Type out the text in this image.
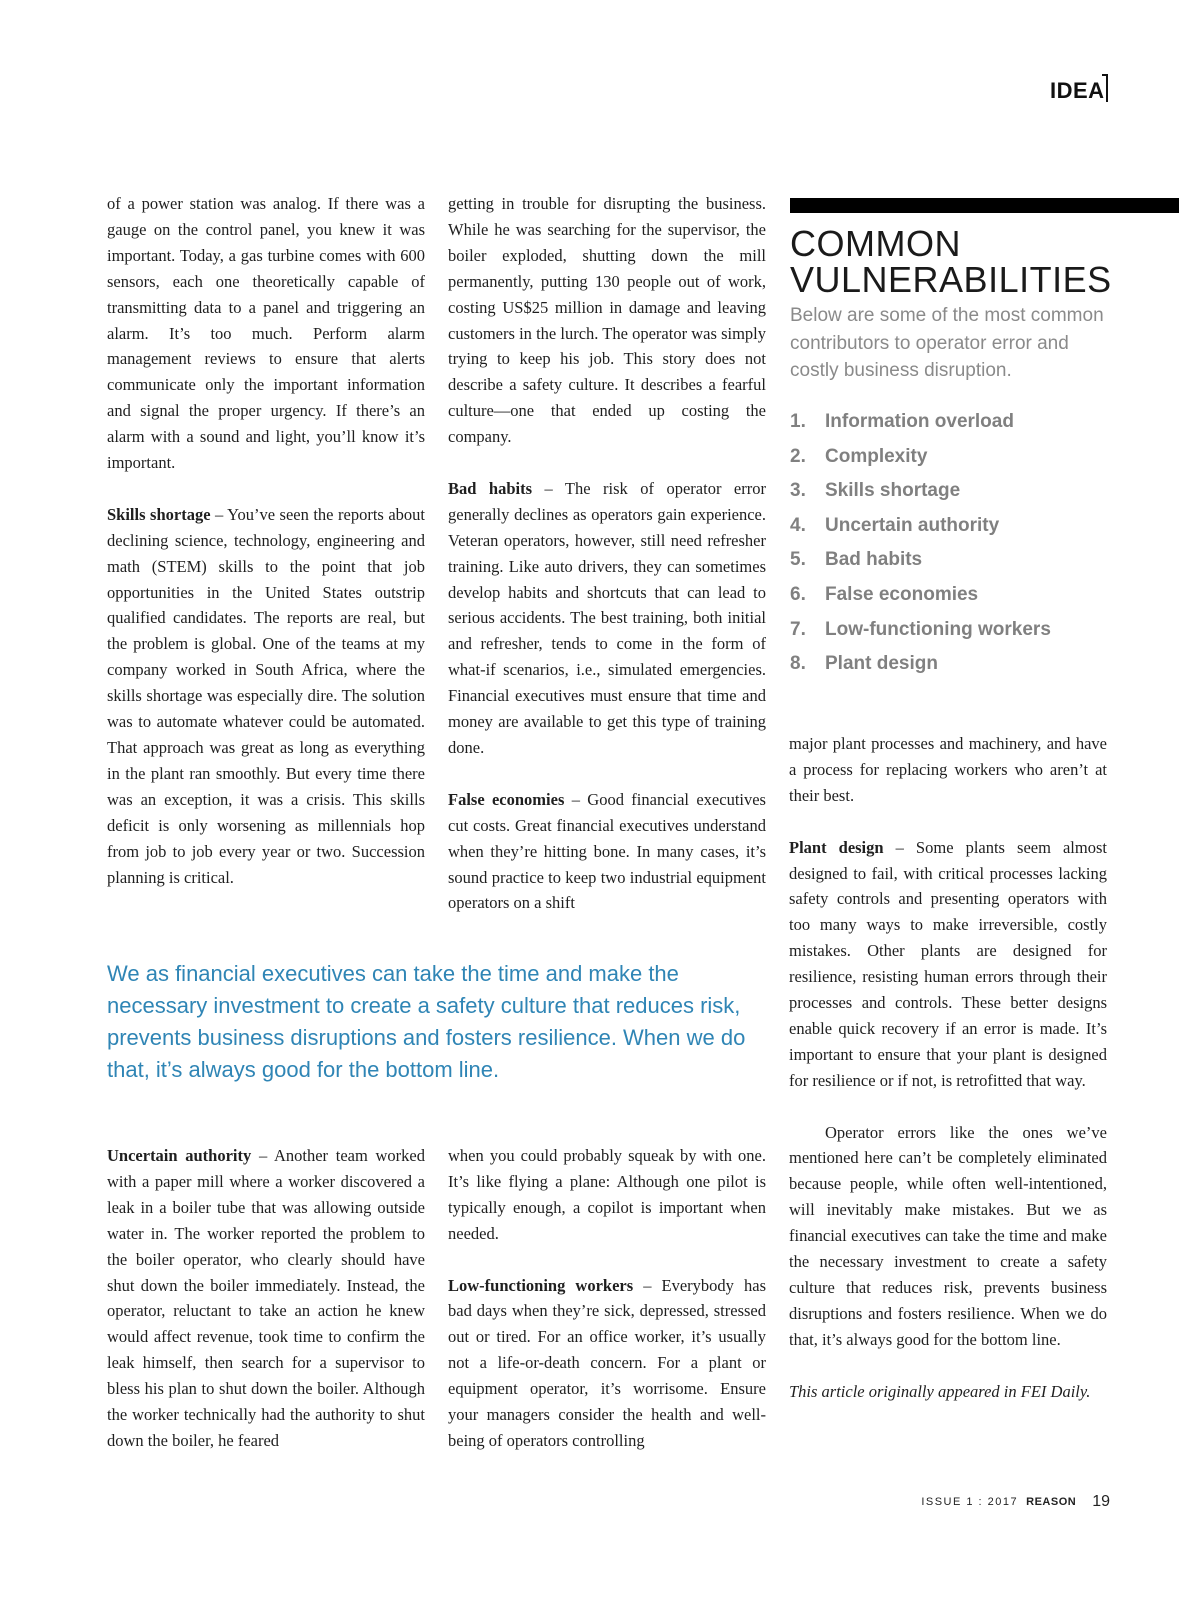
IDEA

of a power station was analog. If there was a gauge on the control panel, you knew it was important. Today, a gas turbine comes with 600 sensors, each one theoretically capable of transmitting data to a panel and triggering an alarm. It’s too much. Perform alarm management reviews to ensure that alerts communicate only the important information and signal the proper urgency. If there’s an alarm with a sound and light, you’ll know it’s important.

Skills shortage – You’ve seen the reports about declining science, technology, engineering and math (STEM) skills to the point that job opportunities in the United States outstrip qualified candidates. The reports are real, but the problem is global. One of the teams at my company worked in South Africa, where the skills shortage was especially dire. The solution was to automate whatever could be automated. That approach was great as long as everything in the plant ran smoothly. But every time there was an exception, it was a crisis. This skills deficit is only worsening as millennials hop from job to job every year or two. Succession planning is critical.

getting in trouble for disrupting the business. While he was searching for the supervisor, the boiler exploded, shutting down the mill permanently, putting 130 people out of work, costing US$25 million in damage and leaving customers in the lurch. The operator was simply trying to keep his job. This story does not describe a safety culture. It describes a fearful culture—one that ended up costing the company.

Bad habits – The risk of operator error generally declines as operators gain experience. Veteran operators, however, still need refresher training. Like auto drivers, they can sometimes develop habits and shortcuts that can lead to serious accidents. The best training, both initial and refresher, tends to come in the form of what-if scenarios, i.e., simulated emergencies. Financial executives must ensure that time and money are available to get this type of training done.

False economies – Good financial executives cut costs. Great financial executives understand when they’re hitting bone. In many cases, it’s sound practice to keep two industrial equipment operators on a shift

COMMON
VULNERABILITIES
Below are some of the most common contributors to operator error and costly business disruption.
1.	Information overload
2.	Complexity
3.	Skills shortage
4.	Uncertain authority
5.	Bad habits
6.	False economies
7.	Low-functioning workers
8.	Plant design

major plant processes and machinery, and have a process for replacing workers who aren’t at their best.

Plant design – Some plants seem almost designed to fail, with critical processes lacking safety controls and presenting operators with too many ways to make irreversible, costly mistakes. Other plants are designed for resilience, resisting human errors through their processes and controls. These better designs enable quick recovery if an error is made. It’s important to ensure that your plant is designed for resilience or if not, is retrofitted that way.

Operator errors like the ones we’ve mentioned here can’t be completely eliminated because people, while often well-intentioned, will inevitably make mistakes. But we as financial executives can take the time and make the necessary investment to create a safety culture that reduces risk, prevents business disruptions and fosters resilience. When we do that, it’s always good for the bottom line.

This article originally appeared in FEI Daily.

We as financial executives can take the time and make the necessary investment to create a safety culture that reduces risk, prevents business disruptions and fosters resilience. When we do that, it’s always good for the bottom line.

Uncertain authority – Another team worked with a paper mill where a worker discovered a leak in a boiler tube that was allowing outside water in. The worker reported the problem to the boiler operator, who clearly should have shut down the boiler immediately. Instead, the operator, reluctant to take an action he knew would affect revenue, took time to confirm the leak himself, then search for a supervisor to bless his plan to shut down the boiler. Although the worker technically had the authority to shut down the boiler, he feared

when you could probably squeak by with one. It’s like flying a plane: Although one pilot is typically enough, a copilot is important when needed.

Low-functioning workers – Everybody has bad days when they’re sick, depressed, stressed out or tired. For an office worker, it’s usually not a life-or-death concern. For a plant or equipment operator, it’s worrisome. Ensure your managers consider the health and well-being of operators controlling

ISSUE 1 : 2017 REASON 19
